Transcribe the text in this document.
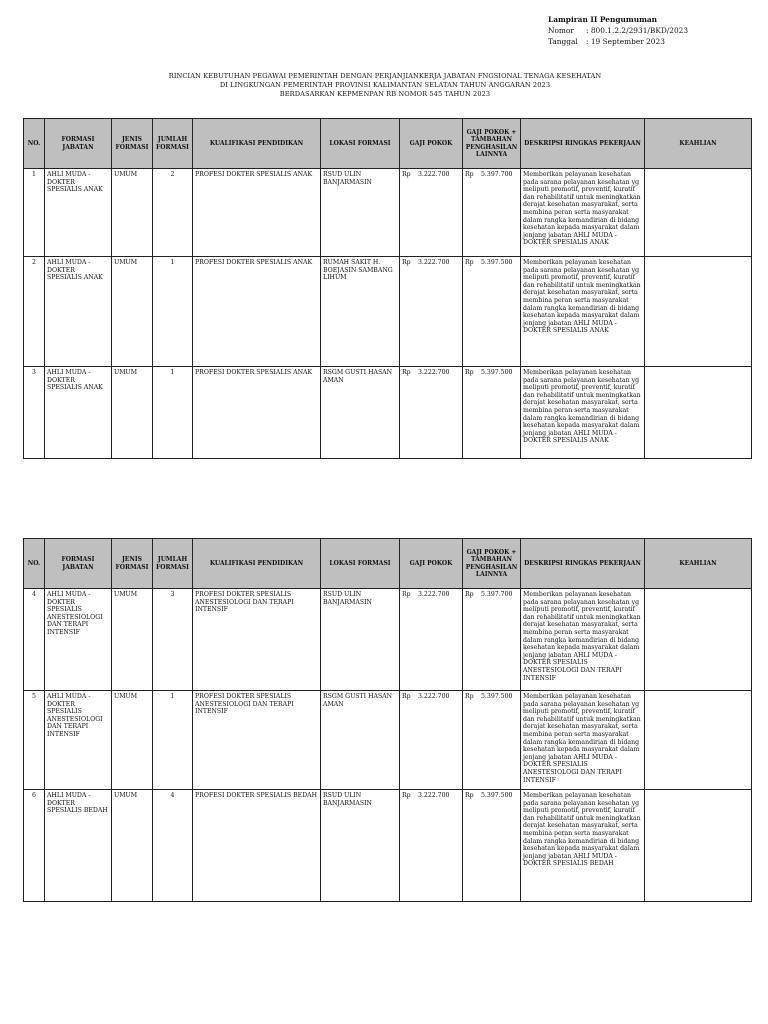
Lampiran II Pengumuman
Nomor : 800.1.2.2/2931/BKD/2023
Tanggal : 19 September 2023
RINCIAN KEBUTUHAN PEGAWAI PEMERINTAH DENGAN PERJANJIANKERJA JABATAN FNGSIONAL TENAGA KESEHATAN
DI LINGKUNGAN PEMERINTAH PROVINSI KALIMANTAN SELATAN TAHUN ANGGARAN 2023
BERDASARKAN KEPMENPAN RB NOMOR 545 TAHUN 2023
NO.	FORMASI JABATAN	JENIS FORMASI	JUMLAH FORMASI	KUALIFIKASI PENDIDIKAN	LOKASI FORMASI	GAJI POKOK	GAJI POKOK + TAMBAHAN PENGHASILAN LAINNYA	DESKRIPSI RINGKAS PEKERJAAN	KEAHLIAN
1	AHLI MUDA - DOKTER SPESIALIS ANAK	UMUM	2	PROFESI DOKTER SPESIALIS ANAK	RSUD ULIN BANJARMASIN	Rp 3.222.700	Rp 5.397.700	Memberikan pelayanan kesehatan pada sarana pelayanan kesehatan yg meliputi promotif, preventif, kuratif dan rehabilitatif untuk meningkatkan derajat kesehatan masyarakat, serta membina peran serta masyarakat dalam rangka kemandirian di bidang kesehatan kepada masyarakat dalam jenjang jabatan AHLI MUDA - DOKTER SPESIALIS ANAK	
2	AHLI MUDA - DOKTER SPESIALIS ANAK	UMUM	1	PROFESI DOKTER SPESIALIS ANAK	RUMAH SAKIT H. BOEJASIN SAMBANG LIHUM	Rp 3.222.700	Rp 5.397.500	Memberikan pelayanan kesehatan pada sarana pelayanan kesehatan yg meliputi promotif, preventif, kuratif dan rehabilitatif untuk meningkatkan derajat kesehatan masyarakat, serta membina peran serta masyarakat dalam rangka kemandirian di bidang kesehatan kepada masyarakat dalam jenjang jabatan AHLI MUDA - DOKTER SPESIALIS ANAK	
3	AHLI MUDA - DOKTER SPESIALIS ANAK	UMUM	1	PROFESI DOKTER SPESIALIS ANAK	RSGM GUSTI HASAN AMAN	Rp 3.222.700	Rp 5.397.500	Memberikan pelayanan kesehatan pada sarana pelayanan kesehatan yg meliputi promotif, preventif, kuratif dan rehabilitatif untuk meningkatkan derajat kesehatan masyarakat, serta membina peran serta masyarakat dalam rangka kemandirian di bidang kesehatan kepada masyarakat dalam jenjang jabatan AHLI MUDA - DOKTER SPESIALIS ANAK	
NO.	FORMASI JABATAN	JENIS FORMASI	JUMLAH FORMASI	KUALIFIKASI PENDIDIKAN	LOKASI FORMASI	GAJI POKOK	GAJI POKOK + TAMBAHAN PENGHASILAN LAINNYA	DESKRIPSI RINGKAS PEKERJAAN	KEAHLIAN
4	AHLI MUDA - DOKTER SPESIALIS ANESTESIOLOGI DAN TERAPI INTENSIF	UMUM	3	PROFESI DOKTER SPESIALIS ANESTESIOLOGI DAN TERAPI INTENSIF	RSUD ULIN BANJARMASIN	Rp 3.222.700	Rp 5.397.700	Memberikan pelayanan kesehatan pada sarana pelayanan kesehatan yg meliputi promotif, preventif, kuratif dan rehabilitatif untuk meningkatkan derajat kesehatan masyarakat, serta membina peran serta masyarakat dalam rangka kemandirian di bidang kesehatan kepada masyarakat dalam jenjang jabatan AHLI MUDA - DOKTER SPESIALIS ANESTESIOLOGI DAN TERAPI INTENSIF	
5	AHLI MUDA - DOKTER SPESIALIS ANESTESIOLOGI DAN TERAPI INTENSIF	UMUM	1	PROFESI DOKTER SPESIALIS ANESTESIOLOGI DAN TERAPI INTENSIF	RSGM GUSTI HASAN AMAN	Rp 3.222.700	Rp 5.397.500	Memberikan pelayanan kesehatan pada sarana pelayanan kesehatan yg meliputi promotif, preventif, kuratif dan rehabilitatif untuk meningkatkan derajat kesehatan masyarakat, serta membina peran serta masyarakat dalam rangka kemandirian di bidang kesehatan kepada masyarakat dalam jenjang jabatan AHLI MUDA - DOKTER SPESIALIS ANESTESIOLOGI DAN TERAPI INTENSIF	
6	AHLI MUDA - DOKTER SPESIALIS BEDAH	UMUM	4	PROFESI DOKTER SPESIALIS BEDAH	RSUD ULIN BANJARMASIN	Rp 3.222.700	Rp 5.397.500	Memberikan pelayanan kesehatan pada sarana pelayanan kesehatan yg meliputi promotif, preventif, kuratif dan rehabilitatif untuk meningkatkan derajat kesehatan masyarakat, serta membina peran serta masyarakat dalam rangka kemandirian di bidang kesehatan kepada masyarakat dalam jenjang jabatan AHLI MUDA - DOKTER SPESIALIS BEDAH	
